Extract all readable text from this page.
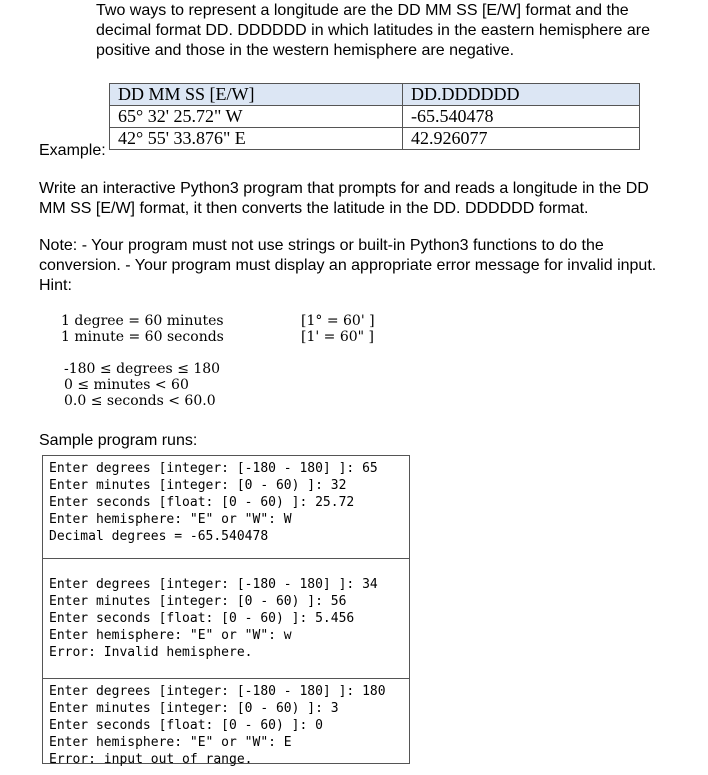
Two ways to represent a longitude are the DD MM SS [E/W] format and the
decimal format DD. DDDDDD in which latitudes in the eastern hemisphere are
positive and those in the western hemisphere are negative.
DD MM SS [E/W]	DD.DDDDDD
65° 32' 25.72" W	-65.540478
42° 55' 33.876" E	42.926077
Example:
Write an interactive Python3 program that prompts for and reads a longitude in the DD
MM SS [E/W] format, it then converts the latitude in the DD. DDDDDD format.
Note: - Your program must not use strings or built-in Python3 functions to do the
conversion. - Your program must display an appropriate error message for invalid input.
Hint:
1 degree = 60 minutes
1 minute = 60 seconds
[1° = 60' ]
[1' = 60" ]
-180 ≤ degrees ≤ 180
0 ≤ minutes < 60
0.0 ≤ seconds < 60.0
Sample program runs:
Enter degrees [integer: [-180 - 180] ]: 65
Enter minutes [integer: [0 - 60) ]: 32
Enter seconds [float: [0 - 60) ]: 25.72
Enter hemisphere: "E" or "W": W
Decimal degrees = -65.540478
Enter degrees [integer: [-180 - 180] ]: 34
Enter minutes [integer: [0 - 60) ]: 56
Enter seconds [float: [0 - 60) ]: 5.456
Enter hemisphere: "E" or "W": w
Error: Invalid hemisphere.
Enter degrees [integer: [-180 - 180] ]: 180
Enter minutes [integer: [0 - 60) ]: 3
Enter seconds [float: [0 - 60) ]: 0
Enter hemisphere: "E" or "W": E
Error: input out of range.
